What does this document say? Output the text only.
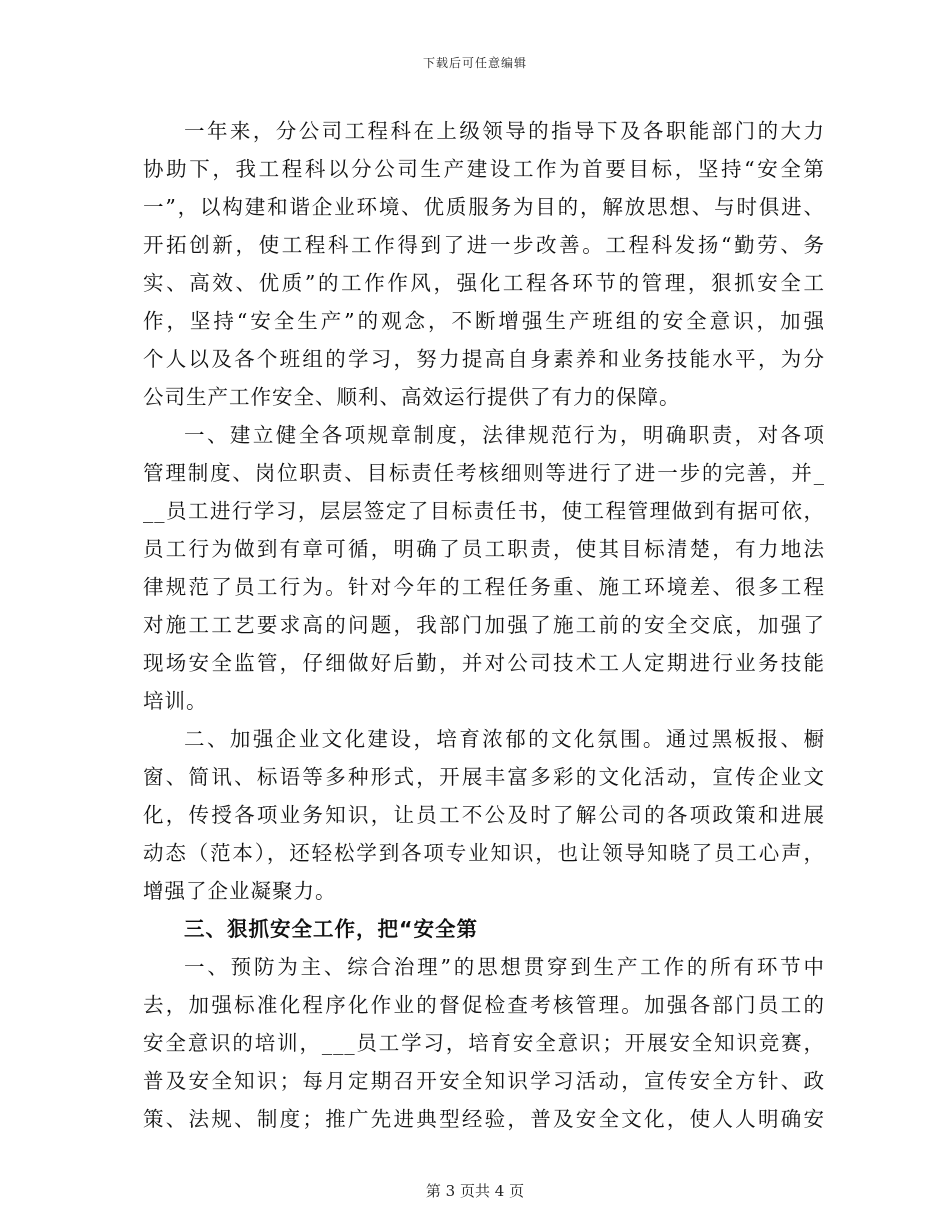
下载后可任意编辑
一年来，分公司工程科在上级领导的指导下及各职能部门的大力
协助下，我工程科以分公司生产建设工作为首要目标，坚持“安全第
一”，以构建和谐企业环境、优质服务为目的，解放思想、与时俱进、
开拓创新，使工程科工作得到了进一步改善。工程科发扬“勤劳、务
实、高效、优质”的工作作风，强化工程各环节的管理，狠抓安全工
作，坚持“安全生产”的观念，不断增强生产班组的安全意识，加强
个人以及各个班组的学习，努力提高自身素养和业务技能水平，为分
公司生产工作安全、顺利、高效运行提供了有力的保障。
一、建立健全各项规章制度，法律规范行为，明确职责，对各项
管理制度、岗位职责、目标责任考核细则等进行了进一步的完善，并_
__员工进行学习，层层签定了目标责任书，使工程管理做到有据可依，
员工行为做到有章可循，明确了员工职责，使其目标清楚，有力地法
律规范了员工行为。针对今年的工程任务重、施工环境差、很多工程
对施工工艺要求高的问题，我部门加强了施工前的安全交底，加强了
现场安全监管，仔细做好后勤，并对公司技术工人定期进行业务技能
培训。
二、加强企业文化建设，培育浓郁的文化氛围。通过黑板报、橱
窗、简讯、标语等多种形式，开展丰富多彩的文化活动，宣传企业文
化，传授各项业务知识，让员工不公及时了解公司的各项政策和进展
动态（范本），还轻松学到各项专业知识，也让领导知晓了员工心声，
增强了企业凝聚力。
三、狠抓安全工作，把“安全第
一、预防为主、综合治理”的思想贯穿到生产工作的所有环节中
去，加强标准化程序化作业的督促检查考核管理。加强各部门员工的
安全意识的培训，___员工学习，培育安全意识；开展安全知识竞赛，
普及安全知识；每月定期召开安全知识学习活动，宣传安全方针、政
策、法规、制度；推广先进典型经验，普及安全文化，使人人明确安
第 3 页共 4 页
